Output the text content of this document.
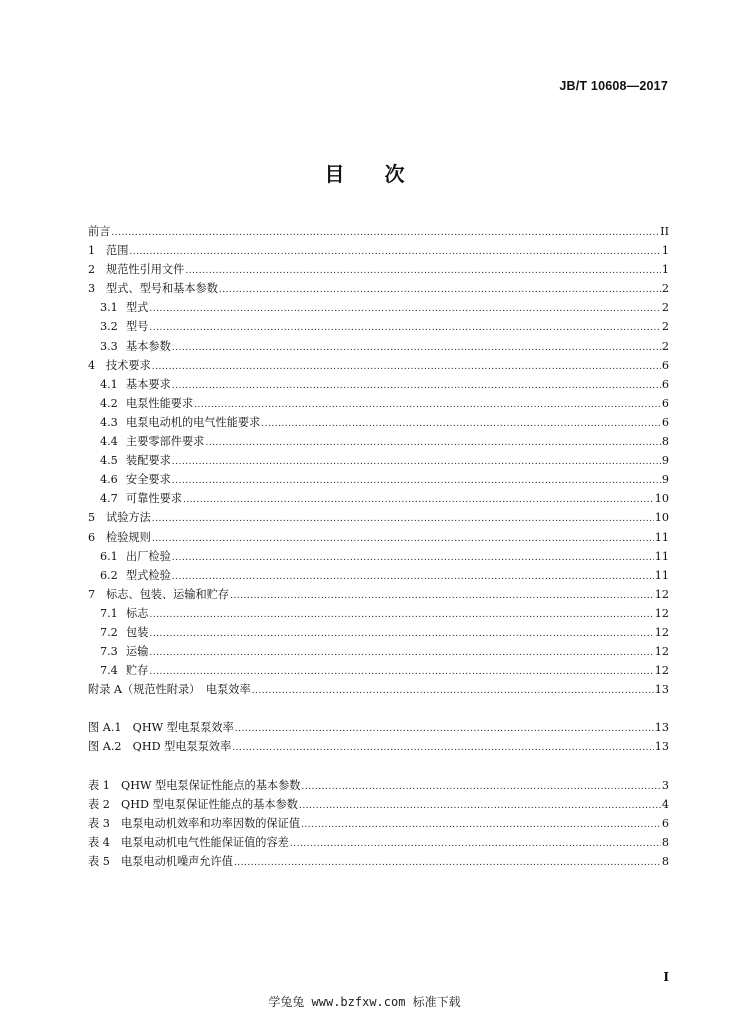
JB/T 10608—2017
目次
前言 .....	II
1 范围 .....	1
2 规范性引用文件 .....	1
3 型式、型号和基本参数 .....	2
3.1 型式 .....	2
3.2 型号 .....	2
3.3 基本参数 .....	2
4 技术要求 .....	6
4.1 基本要求 .....	6
4.2 电泵性能要求 .....	6
4.3 电泵电动机的电气性能要求 .....	6
4.4 主要零部件要求 .....	8
4.5 装配要求 .....	9
4.6 安全要求 .....	9
4.7 可靠性要求 .....	10
5 试验方法 .....	10
6 检验规则 .....	11
6.1 出厂检验 .....	11
6.2 型式检验 .....	11
7 标志、包装、运输和贮存 .....	12
7.1 标志 .....	12
7.2 包装 .....	12
7.3 运输 .....	12
7.4 贮存 .....	12
附录 A（规范性附录）　电泵效率 .....	13
图 A.1　QHW 型电泵泵效率 .....	13
图 A.2　QHD 型电泵泵效率 .....	13
表 1　QHW 型电泵保证性能点的基本参数 .....	3
表 2　QHD 型电泵保证性能点的基本参数 .....	4
表 3　电泵电动机效率和功率因数的保证值 .....	6
表 4　电泵电动机电气性能保证值的容差 .....	8
表 5　电泵电动机噪声允许值 .....	8
I
学兔兔 www.bzfxw.com 标准下载
